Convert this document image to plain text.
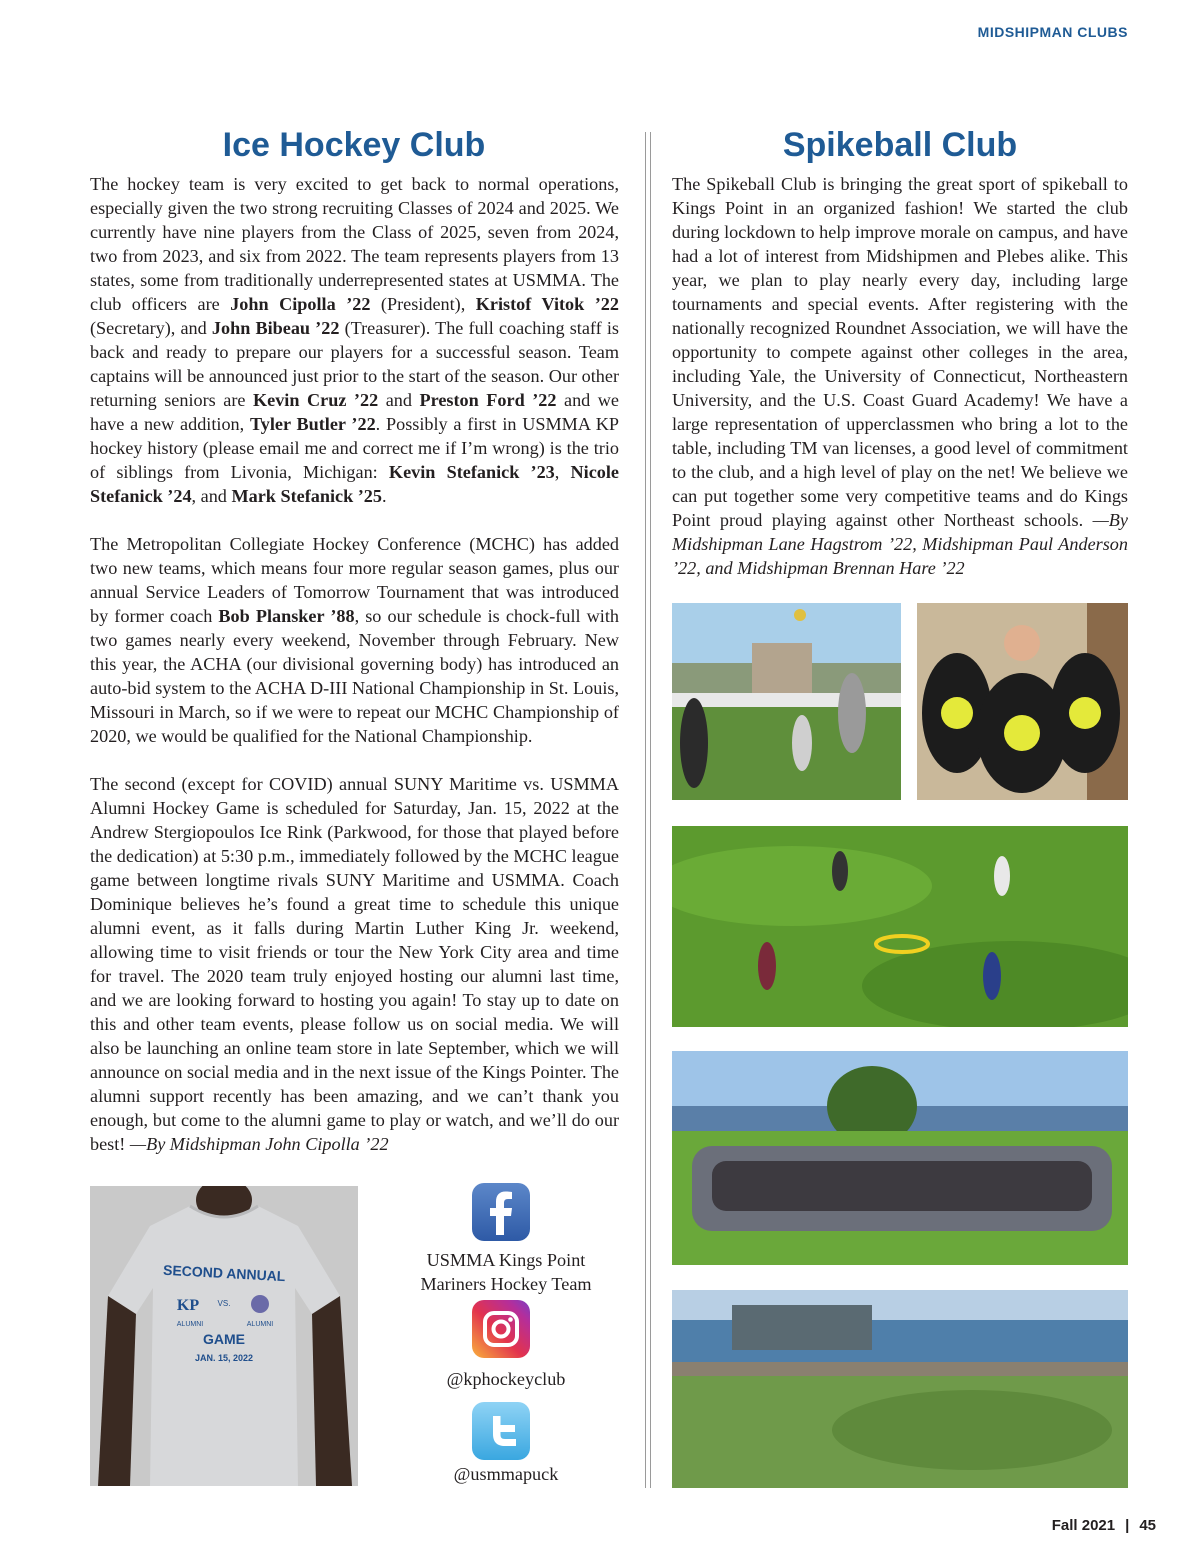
MIDSHIPMAN CLUBS
Ice Hockey Club

The hockey team is very excited to get back to normal operations, especially given the two strong recruiting Classes of 2024 and 2025. We currently have nine players from the Class of 2025, seven from 2024, two from 2023, and six from 2022. The team represents players from 13 states, some from traditionally underrepresented states at USMMA. The club officers are John Cipolla ’22 (President), Kristof Vitok ’22 (Secretary), and John Bibeau ’22 (Treasurer). The full coaching staff is back and ready to prepare our players for a successful season. Team captains will be announced just prior to the start of the season. Our other returning seniors are Kevin Cruz ’22 and Preston Ford ’22 and we have a new addition, Tyler Butler ’22. Possibly a first in USMMA KP hockey history (please email me and correct me if I’m wrong) is the trio of siblings from Livonia, Michigan: Kevin Stefanick ’23, Nicole Stefanick ’24, and Mark Stefanick ’25.

The Metropolitan Collegiate Hockey Conference (MCHC) has added two new teams, which means four more regular season games, plus our annual Service Leaders of Tomorrow Tournament that was introduced by former coach Bob Plansker ’88, so our schedule is chock-full with two games nearly every weekend, November through February. New this year, the ACHA (our divisional governing body) has introduced an auto-bid system to the ACHA D-III National Championship in St. Louis, Missouri in March, so if we were to repeat our MCHC Championship of 2020, we would be qualified for the National Championship.

The second (except for COVID) annual SUNY Maritime vs. USMMA Alumni Hockey Game is scheduled for Saturday, Jan. 15, 2022 at the Andrew Stergiopoulos Ice Rink (Parkwood, for those that played before the dedication) at 5:30 p.m., immediately followed by the MCHC league game between longtime rivals SUNY Maritime and USMMA. Coach Dominique believes he’s found a great time to schedule this unique alumni event, as it falls during Martin Luther King Jr. weekend, allowing time to visit friends or tour the New York City area and time for travel. The 2020 team truly enjoyed hosting our alumni last time, and we are looking forward to hosting you again! To stay up to date on this and other team events, please follow us on social media. We will also be launching an online team store in late September, which we will announce on social media and in the next issue of the Kings Pointer. The alumni support recently has been amazing, and we can’t thank you enough, but come to the alumni game to play or watch, and we’ll do our best! —By Midshipman John Cipolla ’22

SECOND ANNUAL
KP VS.
ALUMNI	ALUMNI
GAME
JAN. 15, 2022
USMMA Kings Point Mariners Hockey Team
@kphockeyclub
@usmmapuck
Spikeball Club

The Spikeball Club is bringing the great sport of spikeball to Kings Point in an organized fashion! We started the club during lockdown to help improve morale on campus, and have had a lot of interest from Midshipmen and Plebes alike. This year, we plan to play nearly every day, including large tournaments and special events. After registering with the nationally recognized Roundnet Association, we will have the opportunity to compete against other colleges in the area, including Yale, the University of Connecticut, Northeastern University, and the U.S. Coast Guard Academy! We have a large representation of upperclassmen who bring a lot to the table, including TM van licenses, a good level of commitment to the club, and a high level of play on the net! We believe we can put together some very competitive teams and do Kings Point proud playing against other Northeast schools. —By Midshipman Lane Hagstrom ’22, Midshipman Paul Anderson ’22, and Midshipman Brennan Hare ’22

Fall 2021 | 45
